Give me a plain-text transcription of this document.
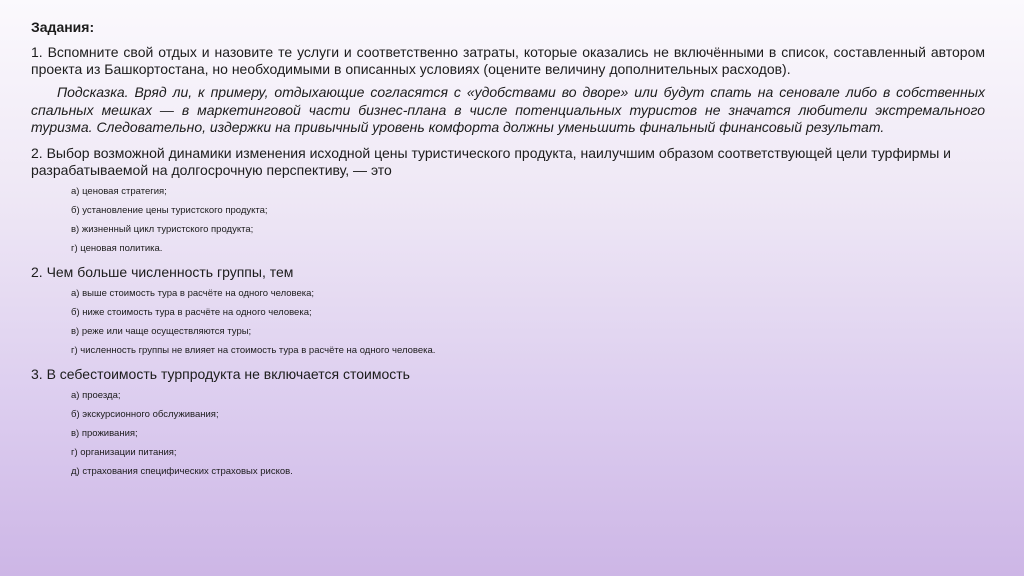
Задания:

1. Вспомните свой отдых и назовите те услуги и соответственно затраты, которые оказались не включёнными в список, составленный автором проекта из Башкортостана, но необходимыми в описанных условиях (оцените величину дополнительных расходов).

Подсказка. Вряд ли, к примеру, отдыхающие согласятся с «удобствами во дворе» или будут спать на сеновале либо в собственных спальных мешках — в маркетинговой части бизнес-плана в числе потенциальных туристов не значатся любители экстремального туризма. Следовательно, издержки на привычный уровень комфорта должны уменьшить финальный финансовый результат.

2. Выбор возможной динамики изменения исходной цены туристического продукта, наилучшим образом соответствующей цели турфирмы и разрабатываемой на долгосрочную перспективу, — это

а) ценовая стратегия;
б) установление цены туристского продукта;
в) жизненный цикл туристского продукта;
г) ценовая политика.

2. Чем больше численность группы, тем

а) выше стоимость тура в расчёте на одного человека;
б) ниже стоимость тура в расчёте на одного человека;
в) реже или чаще осуществляются туры;
г) численность группы не влияет на стоимость тура в расчёте на одного человека.

3. В себестоимость турпродукта не включается стоимость

а) проезда;
б) экскурсионного обслуживания;
в) проживания;
г) организации питания;
д) страхования специфических страховых рисков.
